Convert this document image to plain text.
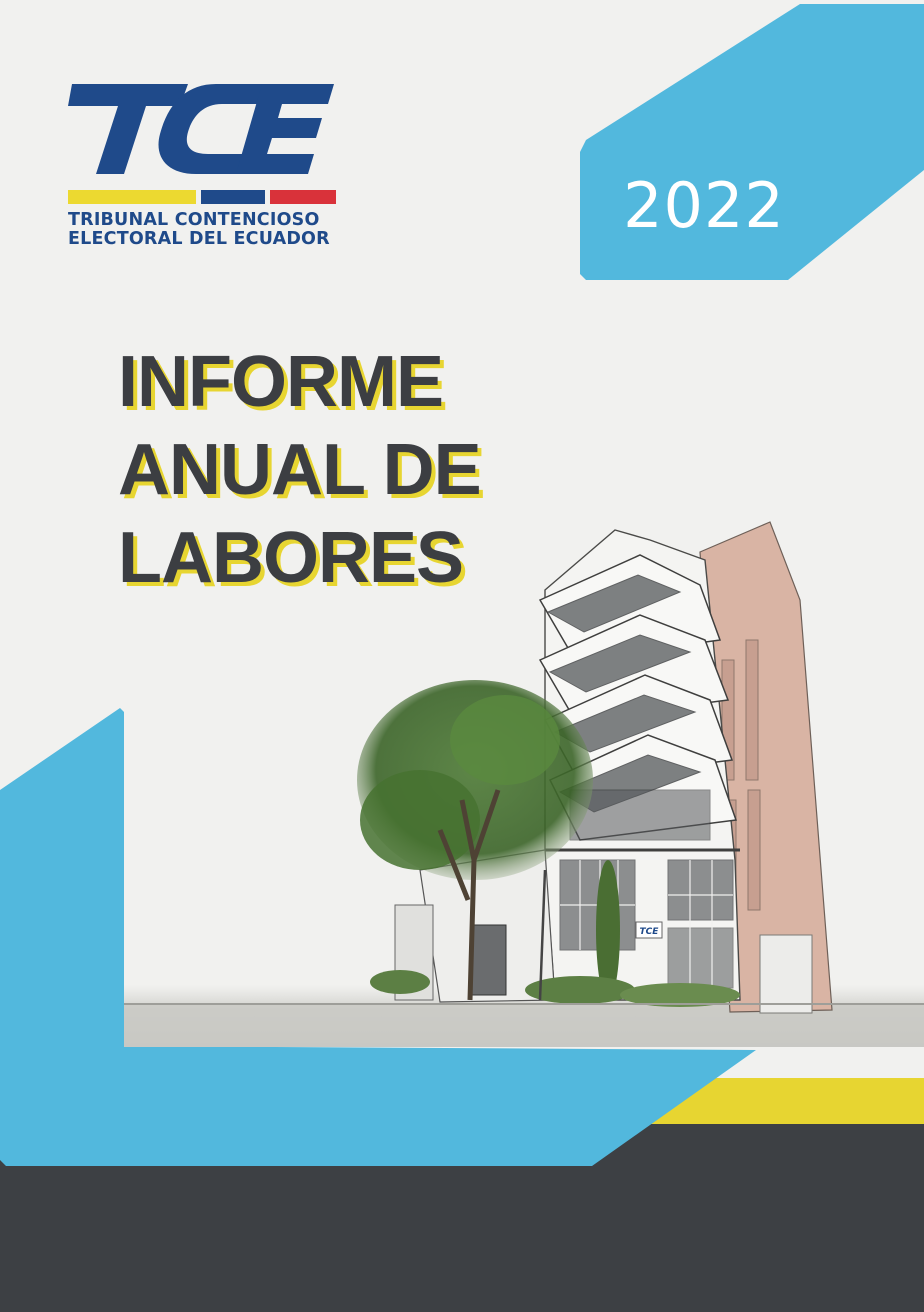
TCE
2022
TRIBUNAL CONTENCIOSO
ELECTORAL DEL ECUADOR
INFORME
ANUAL DE
LABORES
